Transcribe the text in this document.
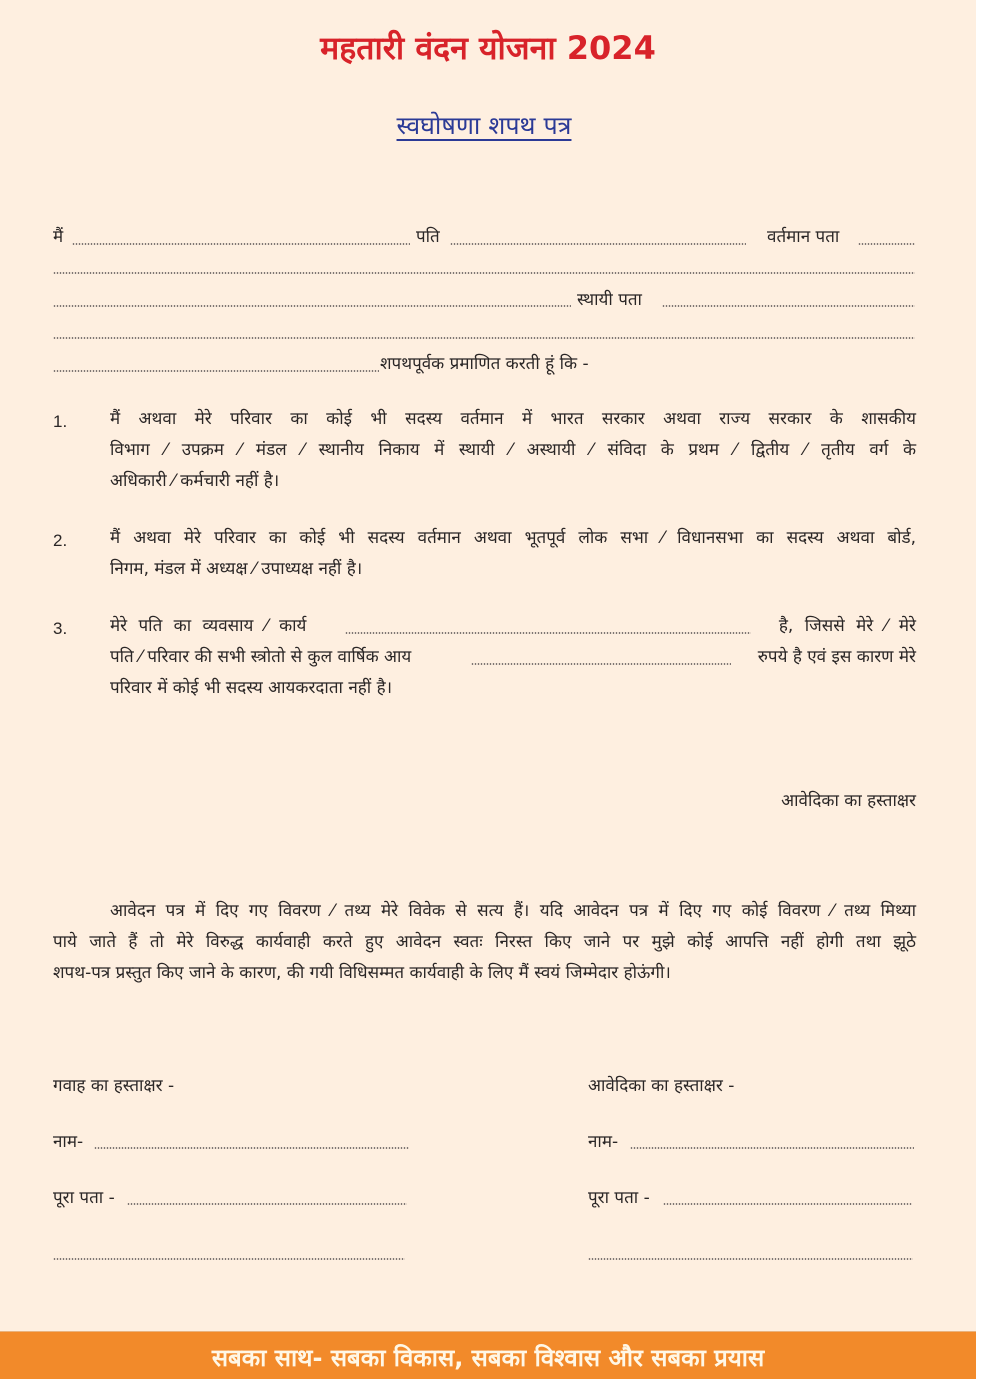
महतारी वंदन योजना 2024
स्वघोषणा शपथ पत्र
मैं	पति	वर्तमान पता
स्थायी पता
शपथपूर्वक प्रमाणित करती हूं कि -
1.	मैं अथवा मेरे परिवार का कोई भी सदस्य वर्तमान में भारत सरकार अथवा राज्य सरकार के शासकीय
विभाग ⁄ उपक्रम ⁄ मंडल ⁄ स्थानीय निकाय में स्थायी ⁄ अस्थायी ⁄ संविदा के प्रथम ⁄ द्वितीय ⁄ तृतीय वर्ग के
अधिकारी ⁄ कर्मचारी नहीं है।
2.	मैं अथवा मेरे परिवार का कोई भी सदस्य वर्तमान अथवा भूतपूर्व लोक सभा ⁄ विधानसभा का सदस्य अथवा बोर्ड,
निगम, मंडल में अध्यक्ष ⁄ उपाध्यक्ष नहीं है।
3.	मेरे पति का व्यवसाय ⁄ कार्य	है, जिससे मेरे ⁄ मेरे
पति ⁄ परिवार की सभी स्त्रोतो से कुल वार्षिक आय	रुपये है एवं इस कारण मेरे
परिवार में कोई भी सदस्य आयकरदाता नहीं है।
आवेदिका का हस्ताक्षर
आवेदन पत्र में दिए गए विवरण ⁄ तथ्य मेरे विवेक से सत्य हैं। यदि आवेदन पत्र में दिए गए कोई विवरण ⁄ तथ्य मिथ्या
पाये जाते हैं तो मेरे विरुद्ध कार्यवाही करते हुए आवेदन स्वतः निरस्त किए जाने पर मुझे कोई आपत्ति नहीं होगी तथा झूठे
शपथ-पत्र प्रस्तुत किए जाने के कारण, की गयी विधिसम्मत कार्यवाही के लिए मैं स्वयं जिम्मेदार होऊंगी।
गवाह का हस्ताक्षर -
नाम-
पूरा पता -
आवेदिका का हस्ताक्षर -
नाम-
पूरा पता -
सबका साथ- सबका विकास, सबका विश्वास और सबका प्रयास
